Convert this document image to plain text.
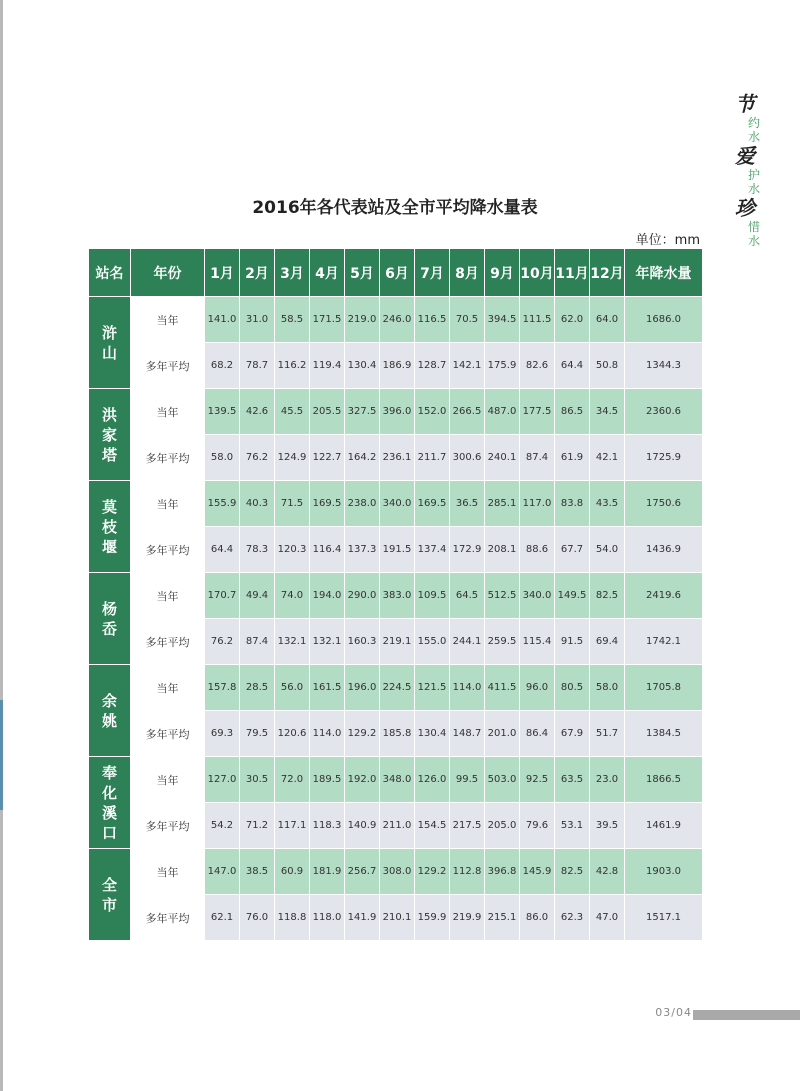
节
约水
爱
护水
珍
惜水
2016年各代表站及全市平均降水量表
单位：mm
站名	年份	1月	2月	3月	4月	5月	6月	7月	8月	9月	10月	11月	12月	年降水量

浒
山	当年	141.0	31.0	58.5	171.5	219.0	246.0	116.5	70.5	394.5	111.5	62.0	64.0	1686.0
	多年平均	68.2	78.7	116.2	119.4	130.4	186.9	128.7	142.1	175.9	82.6	64.4	50.8	1344.3

洪
家
塔	当年	139.5	42.6	45.5	205.5	327.5	396.0	152.0	266.5	487.0	177.5	86.5	34.5	2360.6
	多年平均	58.0	76.2	124.9	122.7	164.2	236.1	211.7	300.6	240.1	87.4	61.9	42.1	1725.9

莫
枝
堰	当年	155.9	40.3	71.5	169.5	238.0	340.0	169.5	36.5	285.1	117.0	83.8	43.5	1750.6
	多年平均	64.4	78.3	120.3	116.4	137.3	191.5	137.4	172.9	208.1	88.6	67.7	54.0	1436.9

杨
岙	当年	170.7	49.4	74.0	194.0	290.0	383.0	109.5	64.5	512.5	340.0	149.5	82.5	2419.6
	多年平均	76.2	87.4	132.1	132.1	160.3	219.1	155.0	244.1	259.5	115.4	91.5	69.4	1742.1

余
姚	当年	157.8	28.5	56.0	161.5	196.0	224.5	121.5	114.0	411.5	96.0	80.5	58.0	1705.8
	多年平均	69.3	79.5	120.6	114.0	129.2	185.8	130.4	148.7	201.0	86.4	67.9	51.7	1384.5

奉
化
溪
口	当年	127.0	30.5	72.0	189.5	192.0	348.0	126.0	99.5	503.0	92.5	63.5	23.0	1866.5
	多年平均	54.2	71.2	117.1	118.3	140.9	211.0	154.5	217.5	205.0	79.6	53.1	39.5	1461.9

全
市	当年	147.0	38.5	60.9	181.9	256.7	308.0	129.2	112.8	396.8	145.9	82.5	42.8	1903.0
	多年平均	62.1	76.0	118.8	118.0	141.9	210.1	159.9	219.9	215.1	86.0	62.3	47.0	1517.1
03/04
